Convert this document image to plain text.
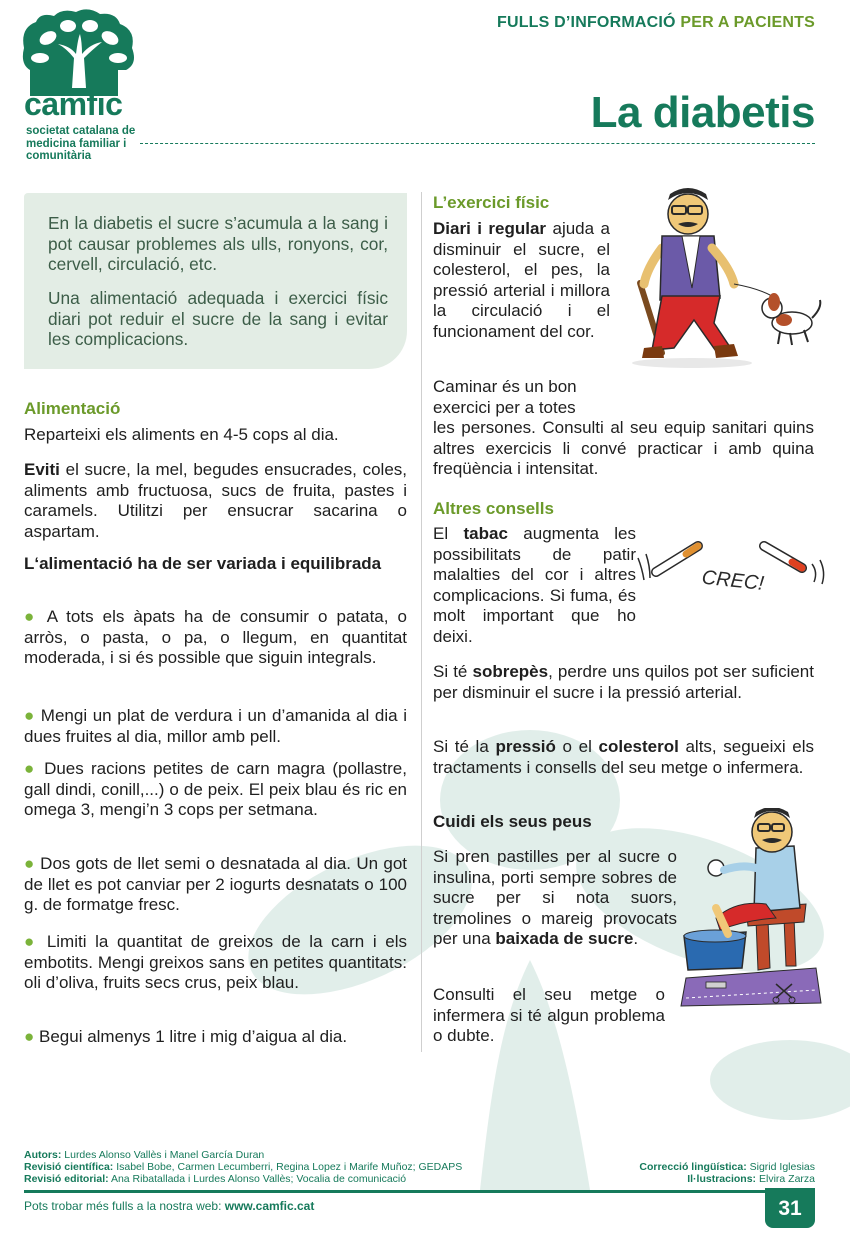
camfic
societat catalana de
medicina familiar i
comunitària
FULLS D’INFORMACIÓ PER A PACIENTS
La diabetis

En la diabetis el sucre s’acumula a la sang i pot causar problemes als ulls, ronyons, cor, cervell, circulació, etc.

Una alimentació adequada i exercici físic diari pot reduir el sucre de la sang i evitar les complicacions.

Alimentació

Reparteixi els aliments en 4-5 cops al dia.

Eviti el sucre, la mel, begudes ensucrades, coles, aliments amb fructuosa, sucs de fruita, pastes i caramels. Utilitzi per ensucrar sacarina o aspartam.

L‘alimentació ha de ser variada i equilibrada

● A tots els àpats ha de consumir o patata, o arròs, o pasta, o pa, o llegum, en quantitat moderada, i si és possible que siguin integrals.

● Mengi un plat de verdura i un d’amanida al dia i dues fruites al dia, millor amb pell.

● Dues racions petites de carn magra (pollastre, gall dindi, conill,...) o de peix. El peix blau és ric en omega 3, mengi’n 3 cops per setmana.

● Dos gots de llet semi o desnatada al dia. Un got de llet es pot canviar per 2 iogurts desnatats o 100 g. de formatge fresc.

● Limiti la quantitat de greixos de la carn i els embotits. Mengi greixos sans en petites quantitats: oli d’oliva, fruits secs crus, peix blau.

● Begui almenys 1 litre i mig d’aigua al dia.

L’exercici físic

Diari i regular ajuda a disminuir el sucre, el colesterol, el pes, la pressió arterial i millora la circulació i el funcionament del cor.

Caminar és un bon exercici per a totes

les persones. Consulti al seu equip sanitari quins altres exercicis li convé practicar i amb quina freqüència i intensitat.

Altres consells

El tabac augmenta les possibilitats de patir malalties del cor i altres complicacions. Si fuma, és molt important que ho deixi.

CREC!

Si té sobrepès, perdre uns quilos pot ser suficient per disminuir el sucre i la pressió arterial.

Si té la pressió o el colesterol alts, segueixi els tractaments i consells del seu metge o infermera.

Cuidi els seus peus

Si pren pastilles per al sucre o insulina, porti sempre sobres de sucre per si nota suors, tremolines o mareig provocats per una baixada de sucre.

Consulti el seu metge o infermera si té algun problema o dubte.

Autors: Lurdes Alonso Vallès i Manel García Duran
Revisió científica: Isabel Bobe, Carmen Lecumberri, Regina Lopez i Marife Muñoz; GEDAPS
Revisió editorial: Ana Ribatallada i Lurdes Alonso Vallès; Vocalia de comunicació
Correcció lingüística: Sigrid Iglesias
Il·lustracions: Elvira Zarza
Pots trobar més fulls a la nostra web: www.camfic.cat	31
